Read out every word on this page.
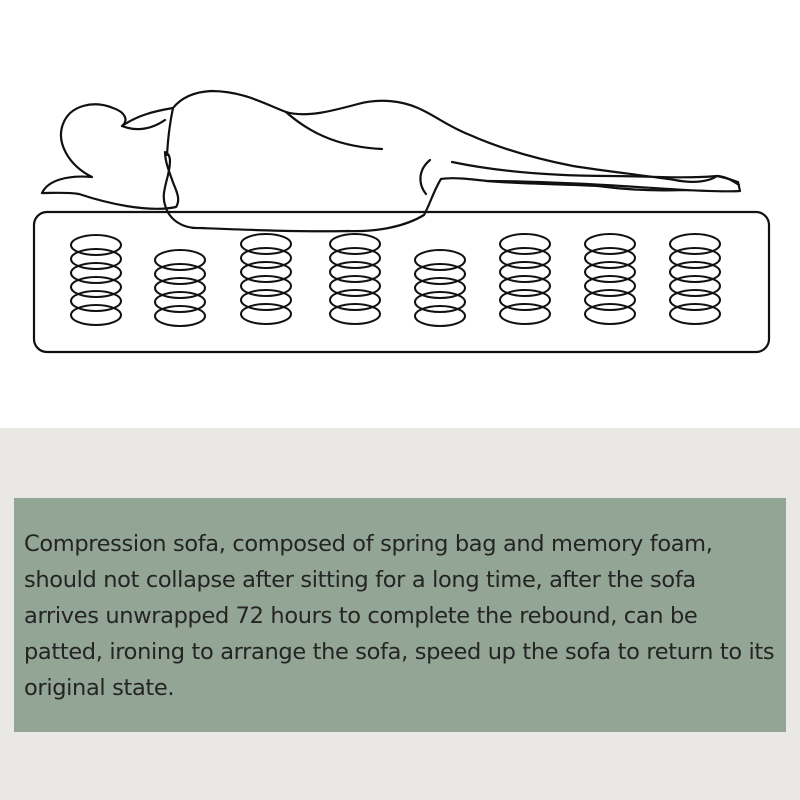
Compression sofa, composed of spring bag and memory foam, should not collapse after sitting for a long time, after the sofa arrives unwrapped 72 hours to complete the rebound, can be patted, ironing to arrange the sofa, speed up the sofa to return to its original state.
